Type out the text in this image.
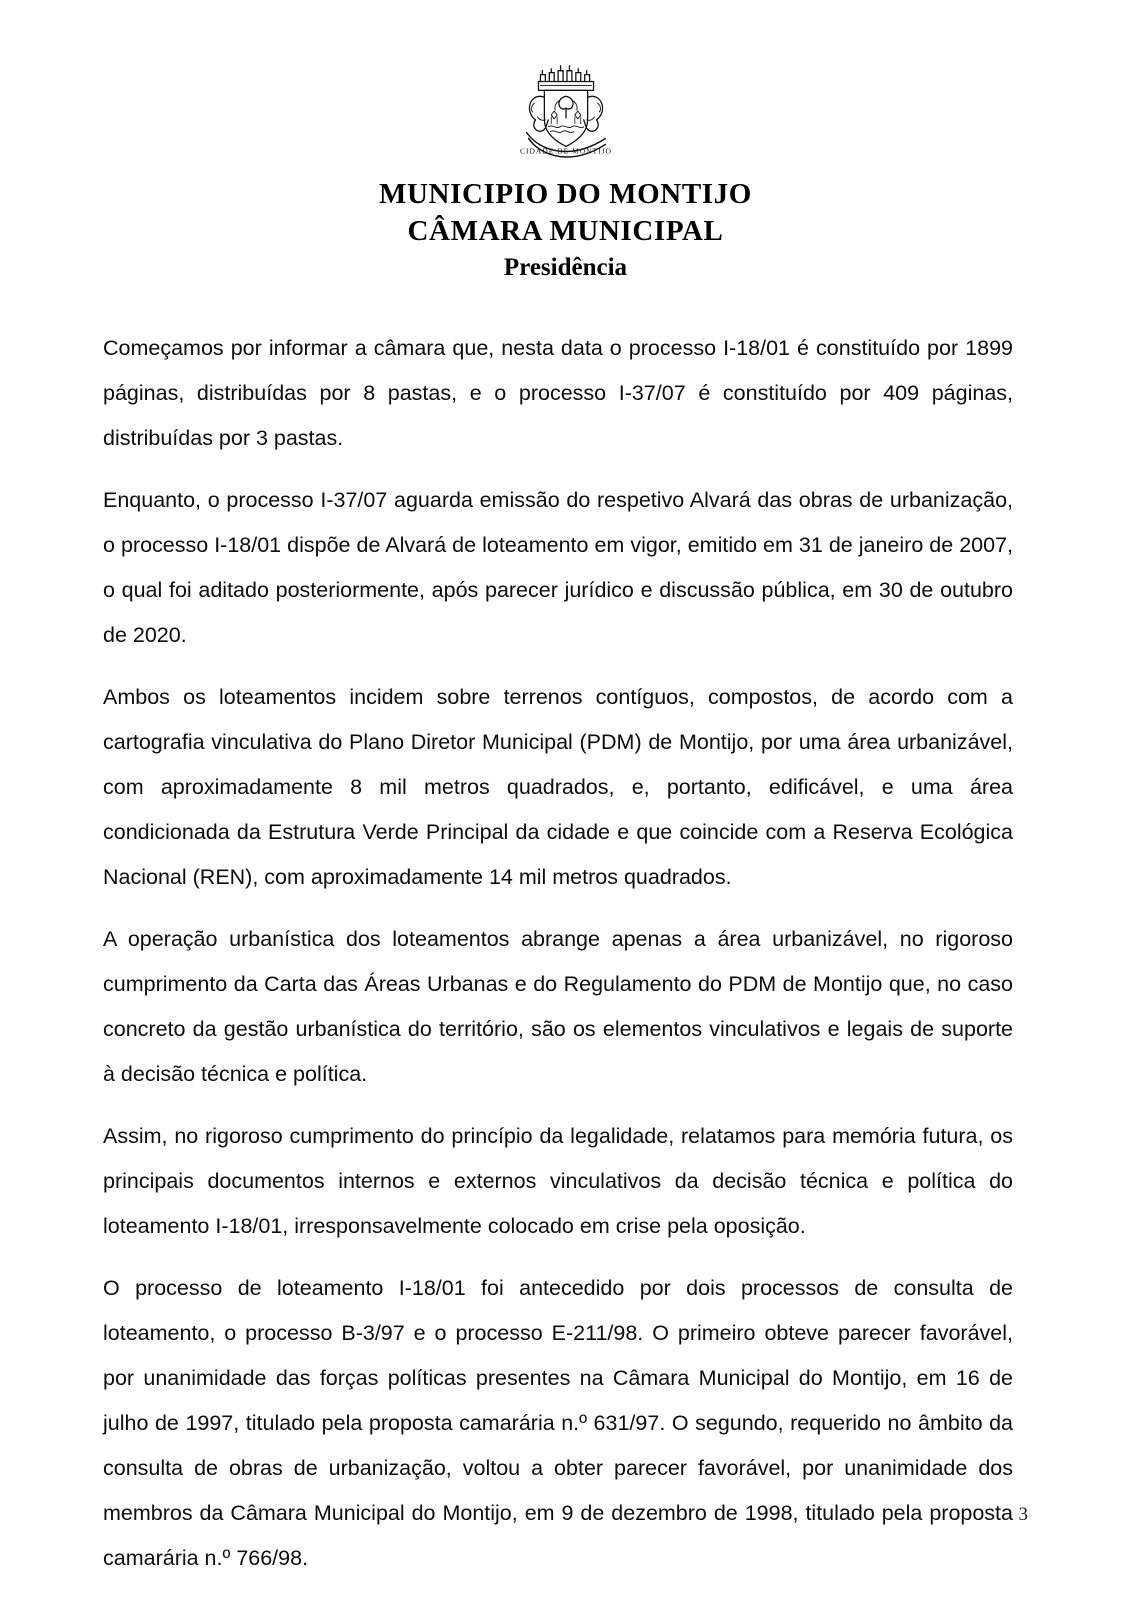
CIDADE DE MONTIJO
MUNICIPIO DO MONTIJO
CÂMARA MUNICIPAL
Presidência

Começamos por informar a câmara que, nesta data o processo I-18/01 é constituído por 1899 páginas, distribuídas por 8 pastas, e o processo I-37/07 é constituído por 409 páginas, distribuídas por 3 pastas.

Enquanto, o processo I-37/07 aguarda emissão do respetivo Alvará das obras de urbanização, o processo I-18/01 dispõe de Alvará de loteamento em vigor, emitido em 31 de janeiro de 2007, o qual foi aditado posteriormente, após parecer jurídico e discussão pública, em 30 de outubro de 2020.

Ambos os loteamentos incidem sobre terrenos contíguos, compostos, de acordo com a cartografia vinculativa do Plano Diretor Municipal (PDM) de Montijo, por uma área urbanizável, com aproximadamente 8 mil metros quadrados, e, portanto, edificável, e uma área condicionada da Estrutura Verde Principal da cidade e que coincide com a Reserva Ecológica Nacional (REN), com aproximadamente 14 mil metros quadrados.

A operação urbanística dos loteamentos abrange apenas a área urbanizável, no rigoroso cumprimento da Carta das Áreas Urbanas e do Regulamento do PDM de Montijo que, no caso concreto da gestão urbanística do território, são os elementos vinculativos e legais de suporte à decisão técnica e política.

Assim, no rigoroso cumprimento do princípio da legalidade, relatamos para memória futura, os principais documentos internos e externos vinculativos da decisão técnica e política do loteamento I-18/01, irresponsavelmente colocado em crise pela oposição.

O processo de loteamento I-18/01 foi antecedido por dois processos de consulta de loteamento, o processo B-3/97 e o processo E-211/98. O primeiro obteve parecer favorável, por unanimidade das forças políticas presentes na Câmara Municipal do Montijo, em 16 de julho de 1997, titulado pela proposta camarária n.º 631/97. O segundo, requerido no âmbito da consulta de obras de urbanização, voltou a obter parecer favorável, por unanimidade dos membros da Câmara Municipal do Montijo, em 9 de dezembro de 1998, titulado pela proposta camarária n.º 766/98.

3
